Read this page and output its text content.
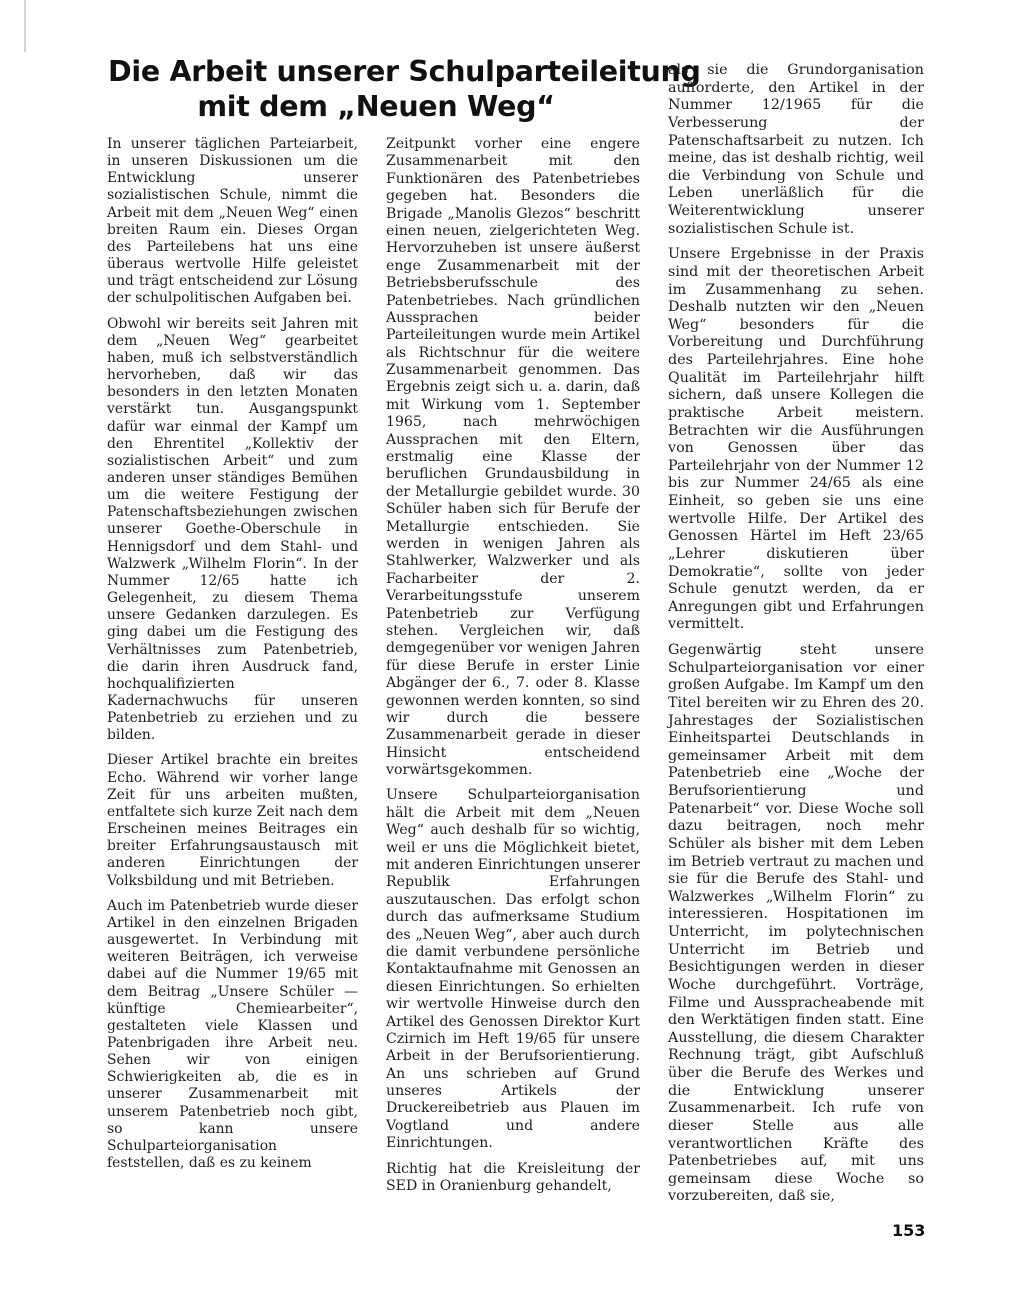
Die Arbeit unserer Schulparteileitung
mit dem „Neuen Weg“

In unserer täglichen Parteiarbeit, in unseren Diskussionen um die Entwicklung unserer sozialistischen Schule, nimmt die Arbeit mit dem „Neuen Weg“ einen breiten Raum ein. Dieses Organ des Parteilebens hat uns eine überaus wertvolle Hilfe geleistet und trägt entscheidend zur Lösung der schulpolitischen Aufgaben bei.

Obwohl wir bereits seit Jahren mit dem „Neuen Weg“ gearbeitet haben, muß ich selbstverständlich hervorheben, daß wir das besonders in den letzten Monaten verstärkt tun. Ausgangspunkt dafür war einmal der Kampf um den Ehrentitel „Kollektiv der sozialistischen Arbeit“ und zum anderen unser ständiges Bemühen um die weitere Festigung der Patenschaftsbeziehungen zwischen unserer Goethe-Oberschule in Hennigsdorf und dem Stahl- und Walzwerk „Wilhelm Florin“. In der Nummer 12/65 hatte ich Gelegenheit, zu diesem Thema unsere Gedanken darzulegen. Es ging dabei um die Festigung des Verhältnisses zum Patenbetrieb, die darin ihren Ausdruck fand, hochqualifizierten Kadernachwuchs für unseren Patenbetrieb zu erziehen und zu bilden.

Dieser Artikel brachte ein breites Echo. Während wir vorher lange Zeit für uns arbeiten mußten, entfaltete sich kurze Zeit nach dem Erscheinen meines Beitrages ein breiter Erfahrungsaustausch mit anderen Einrichtungen der Volksbildung und mit Betrieben.

Auch im Patenbetrieb wurde dieser Artikel in den einzelnen Brigaden ausgewertet. In Verbindung mit weiteren Beiträgen, ich verweise dabei auf die Nummer 19/65 mit dem Beitrag „Unsere Schüler — künftige Chemiearbeiter“, gestalteten viele Klassen und Patenbrigaden ihre Arbeit neu. Sehen wir von einigen Schwierigkeiten ab, die es in unserer Zusammenarbeit mit unserem Patenbetrieb noch gibt, so kann unsere Schulparteiorganisation feststellen, daß es zu keinem

Zeitpunkt vorher eine engere Zusammenarbeit mit den Funktionären des Patenbetriebes gegeben hat. Besonders die Brigade „Manolis Glezos“ beschritt einen neuen, zielgerichteten Weg. Hervorzuheben ist unsere äußerst enge Zusammenarbeit mit der Betriebsberufsschule des Patenbetriebes. Nach gründlichen Aussprachen beider Parteileitungen wurde mein Artikel als Richtschnur für die weitere Zusammenarbeit genommen. Das Ergebnis zeigt sich u. a. darin, daß mit Wirkung vom 1. September 1965, nach mehrwöchigen Aussprachen mit den Eltern, erstmalig eine Klasse der beruflichen Grundausbildung in der Metallurgie gebildet wurde. 30 Schüler haben sich für Berufe der Metallurgie entschieden. Sie werden in wenigen Jahren als Stahlwerker, Walzwerker und als Facharbeiter der 2. Verarbeitungsstufe unserem Patenbetrieb zur Verfügung stehen. Vergleichen wir, daß demgegenüber vor wenigen Jahren für diese Berufe in erster Linie Abgänger der 6., 7. oder 8. Klasse gewonnen werden konnten, so sind wir durch die bessere Zusammenarbeit gerade in dieser Hinsicht entscheidend vorwärtsgekommen.

Unsere Schulparteiorganisation hält die Arbeit mit dem „Neuen Weg“ auch deshalb für so wichtig, weil er uns die Möglichkeit bietet, mit anderen Einrichtungen unserer Republik Erfahrungen auszutauschen. Das erfolgt schon durch das aufmerksame Studium des „Neuen Weg“, aber auch durch die damit verbundene persönliche Kontaktaufnahme mit Genossen an diesen Einrichtungen. So erhielten wir wertvolle Hinweise durch den Artikel des Genossen Direktor Kurt Czirnich im Heft 19/65 für unsere Arbeit in der Berufsorientierung. An uns schrieben auf Grund unseres Artikels der Druckereibetrieb aus Plauen im Vogtland und andere Einrichtungen.

Richtig hat die Kreisleitung der SED in Oranienburg gehandelt,

als sie die Grundorganisation aufforderte, den Artikel in der Nummer 12/1965 für die Verbesserung der Patenschaftsarbeit zu nutzen. Ich meine, das ist deshalb richtig, weil die Verbindung von Schule und Leben unerläßlich für die Weiterentwicklung unserer sozialistischen Schule ist.

Unsere Ergebnisse in der Praxis sind mit der theoretischen Arbeit im Zusammenhang zu sehen. Deshalb nutzten wir den „Neuen Weg“ besonders für die Vorbereitung und Durchführung des Parteilehrjahres. Eine hohe Qualität im Parteilehrjahr hilft sichern, daß unsere Kollegen die praktische Arbeit meistern. Betrachten wir die Ausführungen von Genossen über das Parteilehrjahr von der Nummer 12 bis zur Nummer 24/65 als eine Einheit, so geben sie uns eine wertvolle Hilfe. Der Artikel des Genossen Härtel im Heft 23/65 „Lehrer diskutieren über Demokratie“, sollte von jeder Schule genutzt werden, da er Anregungen gibt und Erfahrungen vermittelt.

Gegenwärtig steht unsere Schulparteiorganisation vor einer großen Aufgabe. Im Kampf um den Titel bereiten wir zu Ehren des 20. Jahrestages der Sozialistischen Einheitspartei Deutschlands in gemeinsamer Arbeit mit dem Patenbetrieb eine „Woche der Berufsorientierung und Patenarbeit“ vor. Diese Woche soll dazu beitragen, noch mehr Schüler als bisher mit dem Leben im Betrieb vertraut zu machen und sie für die Berufe des Stahl- und Walzwerkes „Wilhelm Florin“ zu interessieren. Hospitationen im Unterricht, im polytechnischen Unterricht im Betrieb und Besichtigungen werden in dieser Woche durchgeführt. Vorträge, Filme und Ausspracheabende mit den Werktätigen finden statt. Eine Ausstellung, die diesem Charakter Rechnung trägt, gibt Aufschluß über die Berufe des Werkes und die Entwicklung unserer Zusammenarbeit. Ich rufe von dieser Stelle aus alle verantwortlichen Kräfte des Patenbetriebes auf, mit uns gemeinsam diese Woche so vorzubereiten, daß sie,

153
